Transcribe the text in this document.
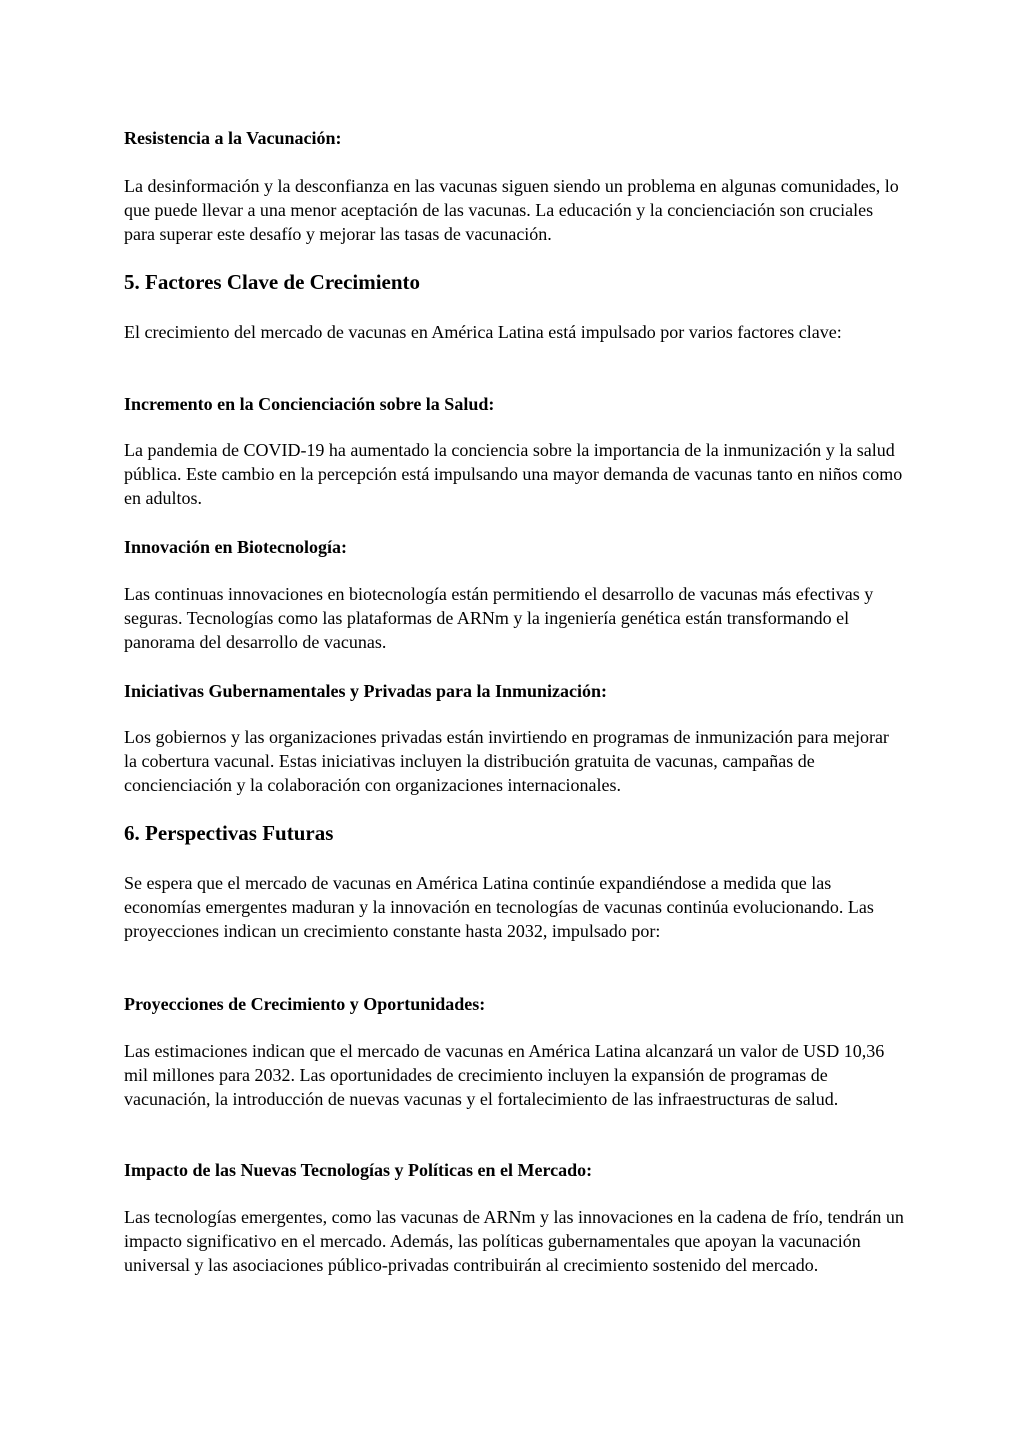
Resistencia a la Vacunación:

La desinformación y la desconfianza en las vacunas siguen siendo un problema en algunas comunidades, lo que puede llevar a una menor aceptación de las vacunas. La educación y la concienciación son cruciales para superar este desafío y mejorar las tasas de vacunación.

5. Factores Clave de Crecimiento

El crecimiento del mercado de vacunas en América Latina está impulsado por varios factores clave:

Incremento en la Concienciación sobre la Salud:

La pandemia de COVID-19 ha aumentado la conciencia sobre la importancia de la inmunización y la salud pública. Este cambio en la percepción está impulsando una mayor demanda de vacunas tanto en niños como en adultos.

Innovación en Biotecnología:

Las continuas innovaciones en biotecnología están permitiendo el desarrollo de vacunas más efectivas y seguras. Tecnologías como las plataformas de ARNm y la ingeniería genética están transformando el panorama del desarrollo de vacunas.

Iniciativas Gubernamentales y Privadas para la Inmunización:

Los gobiernos y las organizaciones privadas están invirtiendo en programas de inmunización para mejorar la cobertura vacunal. Estas iniciativas incluyen la distribución gratuita de vacunas, campañas de concienciación y la colaboración con organizaciones internacionales.

6. Perspectivas Futuras

Se espera que el mercado de vacunas en América Latina continúe expandiéndose a medida que las economías emergentes maduran y la innovación en tecnologías de vacunas continúa evolucionando. Las proyecciones indican un crecimiento constante hasta 2032, impulsado por:

Proyecciones de Crecimiento y Oportunidades:

Las estimaciones indican que el mercado de vacunas en América Latina alcanzará un valor de USD 10,36 mil millones para 2032. Las oportunidades de crecimiento incluyen la expansión de programas de vacunación, la introducción de nuevas vacunas y el fortalecimiento de las infraestructuras de salud.

Impacto de las Nuevas Tecnologías y Políticas en el Mercado:

Las tecnologías emergentes, como las vacunas de ARNm y las innovaciones en la cadena de frío, tendrán un impacto significativo en el mercado. Además, las políticas gubernamentales que apoyan la vacunación universal y las asociaciones público-privadas contribuirán al crecimiento sostenido del mercado.
